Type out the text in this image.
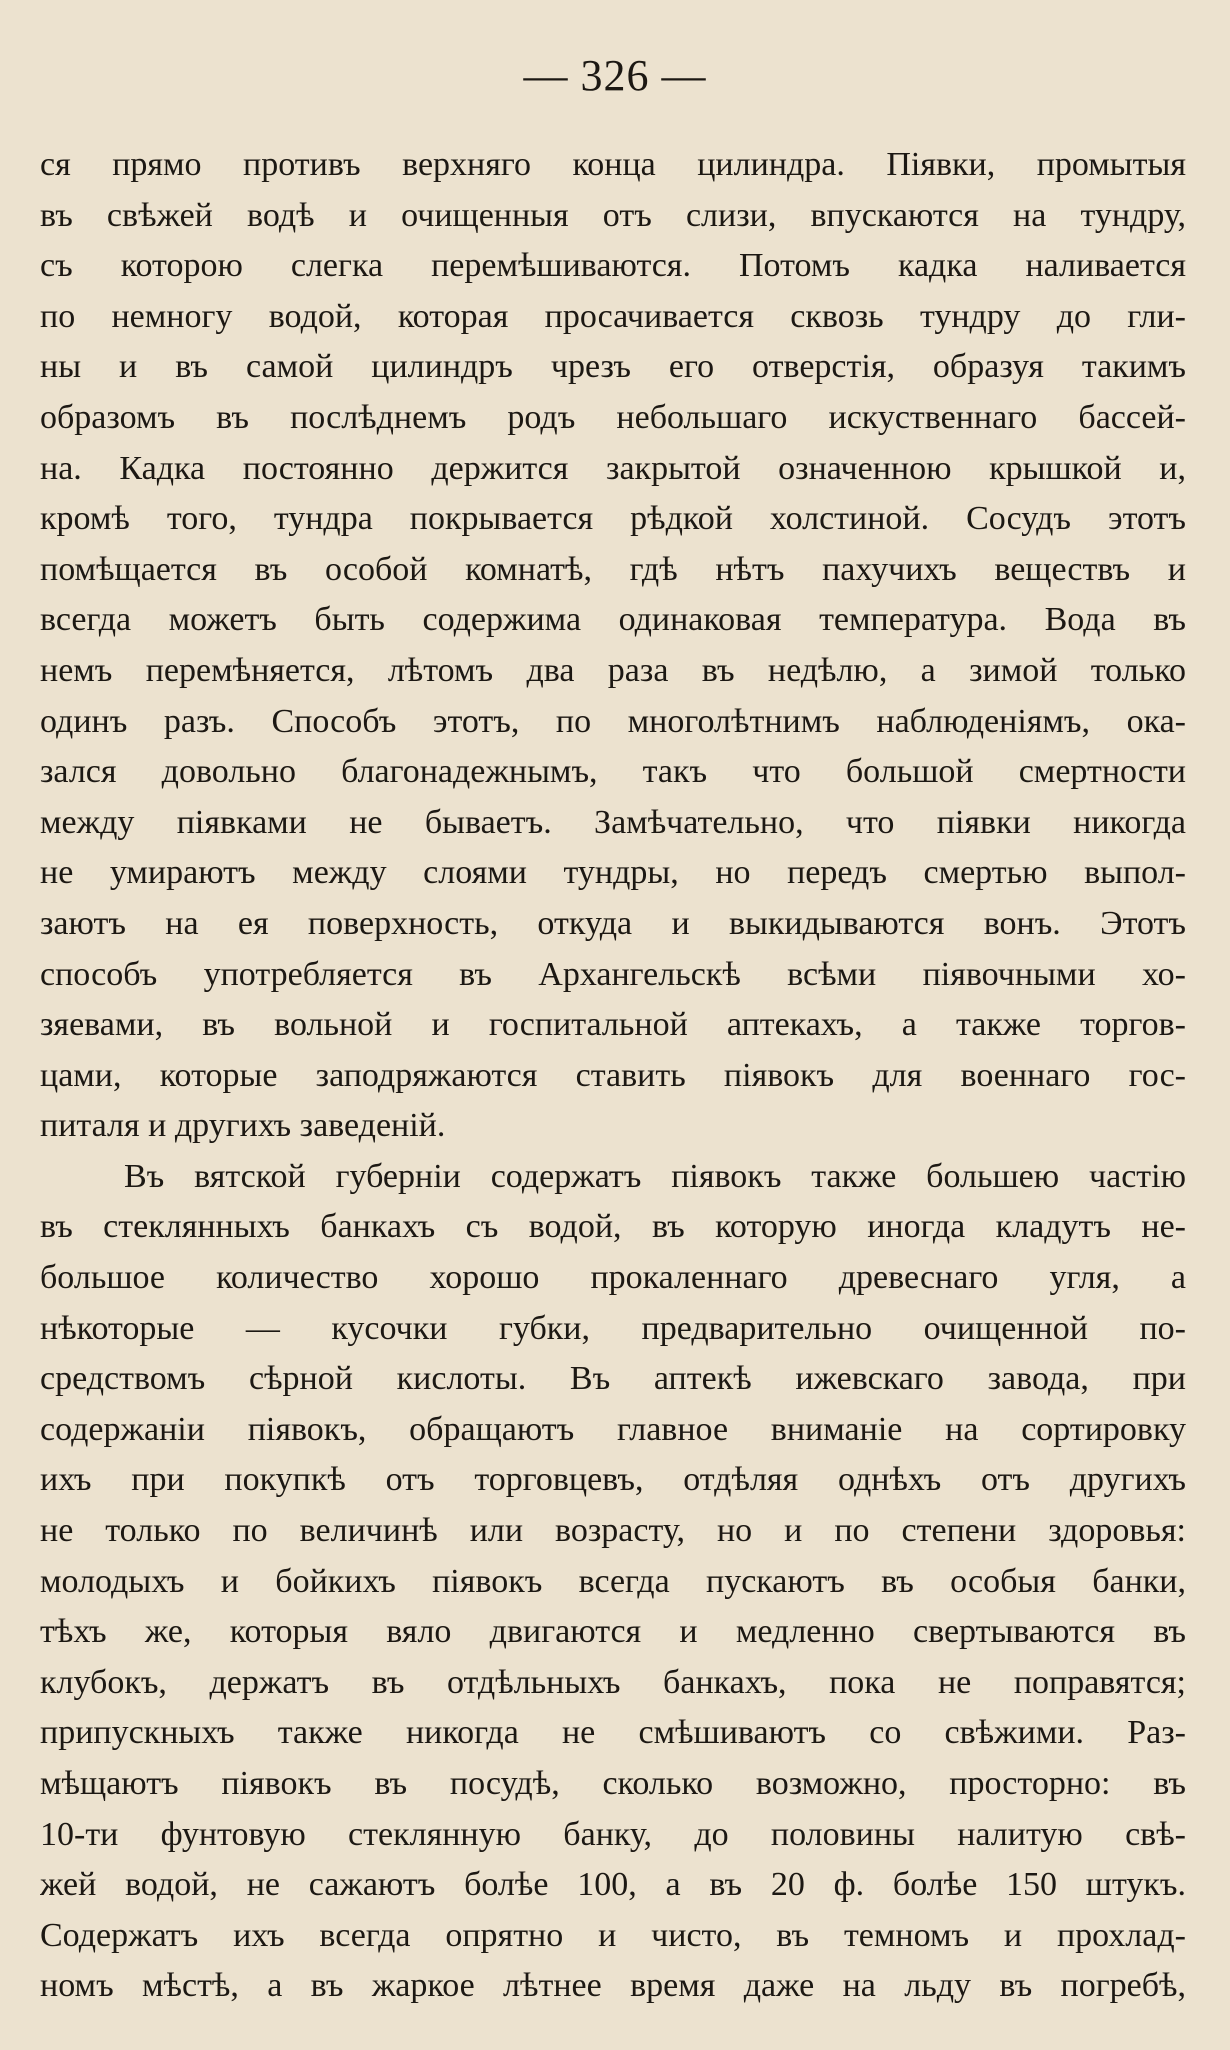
— 326 —
ся прямо противъ верхняго конца цилиндра. Піявки, промытыя
въ свѣжей водѣ и очищенныя отъ слизи, впускаются на тундру,
съ которою слегка перемѣшиваются. Потомъ кадка наливается
по немногу водой, которая просачивается сквозь тундру до гли-
ны и въ самой цилиндръ чрезъ его отверстія, образуя такимъ
образомъ въ послѣднемъ родъ небольшаго искуственнаго бассей-
на. Кадка постоянно держится закрытой означенною крышкой и,
кромѣ того, тундра покрывается рѣдкой холстиной. Сосудъ этотъ
помѣщается въ особой комнатѣ, гдѣ нѣтъ пахучихъ веществъ и
всегда можетъ быть содержима одинаковая температура. Вода въ
немъ перемѣняется, лѣтомъ два раза въ недѣлю, а зимой только
одинъ разъ. Способъ этотъ, по многолѣтнимъ наблюденіямъ, ока-
зался довольно благонадежнымъ, такъ что большой смертности
между піявками не бываетъ. Замѣчательно, что піявки никогда
не умираютъ между слоями тундры, но передъ смертью выпол-
заютъ на ея поверхность, откуда и выкидываются вонъ. Этотъ
способъ употребляется въ Архангельскѣ всѣми піявочными хо-
зяевами, въ вольной и госпитальной аптекахъ, а также торгов-
цами, которые заподряжаются ставить піявокъ для военнаго гос-
питаля и другихъ заведеній.
Въ вятской губерніи содержатъ піявокъ также большею частію
въ стеклянныхъ банкахъ съ водой, въ которую иногда кладутъ не-
большое количество хорошо прокаленнаго древеснаго угля, а
нѣкоторые — кусочки губки, предварительно очищенной по-
средствомъ сѣрной кислоты. Въ аптекѣ ижевскаго завода, при
содержаніи піявокъ, обращаютъ главное вниманіе на сортировку
ихъ при покупкѣ отъ торговцевъ, отдѣляя однѣхъ отъ другихъ
не только по величинѣ или возрасту, но и по степени здоровья:
молодыхъ и бойкихъ піявокъ всегда пускаютъ въ особыя банки,
тѣхъ же, которыя вяло двигаются и медленно свертываются въ
клубокъ, держатъ въ отдѣльныхъ банкахъ, пока не поправятся;
припускныхъ также никогда не смѣшиваютъ со свѣжими. Раз-
мѣщаютъ піявокъ въ посудѣ, сколько возможно, просторно: въ
10-ти фунтовую стеклянную банку, до половины налитую свѣ-
жей водой, не сажаютъ болѣе 100, а въ 20 ф. болѣе 150 штукъ.
Содержатъ ихъ всегда опрятно и чисто, въ темномъ и прохлад-
номъ мѣстѣ, а въ жаркое лѣтнее время даже на льду въ погребѣ,
